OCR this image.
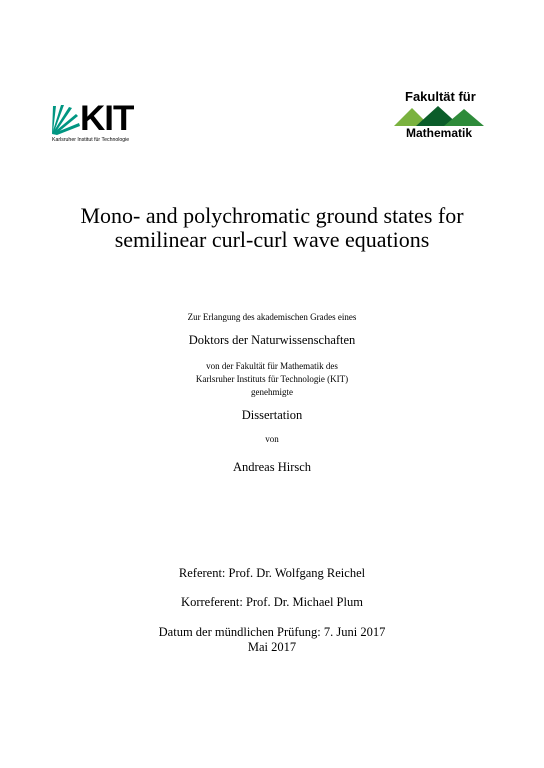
KIT
Karlsruher Institut für Technologie
Fakultät für
Mathematik
Mono- and polychromatic ground states for
semilinear curl-curl wave equations
Zur Erlangung des akademischen Grades eines
Doktors der Naturwissenschaften
von der Fakultät für Mathematik des
Karlsruher Instituts für Technologie (KIT)
genehmigte
Dissertation
von
Andreas Hirsch
Referent: Prof. Dr. Wolfgang Reichel
Korreferent: Prof. Dr. Michael Plum
Datum der mündlichen Prüfung: 7. Juni 2017
Mai 2017
